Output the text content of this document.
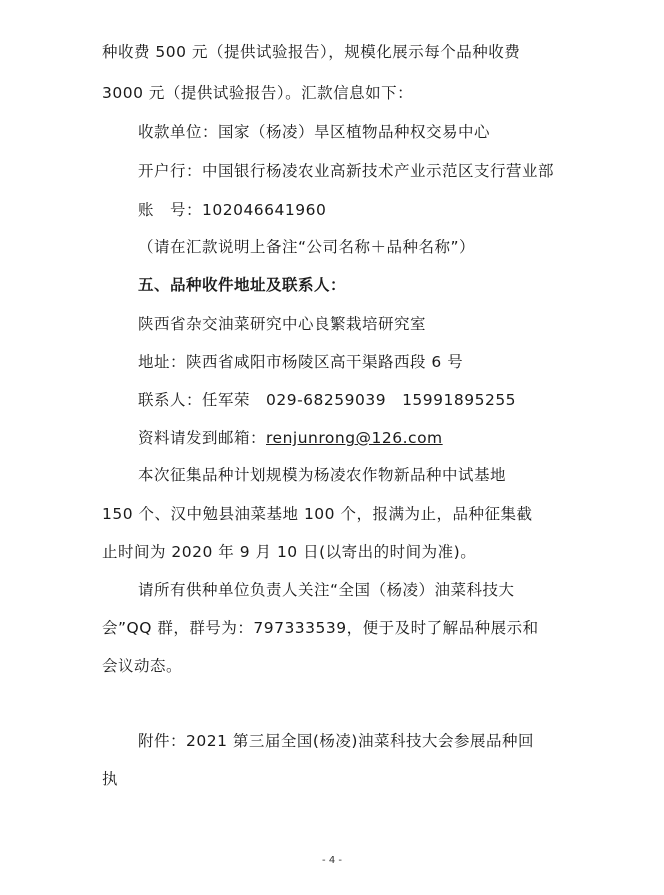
种收费 500 元（提供试验报告），规模化展示每个品种收费
3000 元（提供试验报告）。汇款信息如下：
收款单位：国家（杨凌）旱区植物品种权交易中心
开户行：中国银行杨凌农业高新技术产业示范区支行营业部
账　号：102046641960
（请在汇款说明上备注“公司名称＋品种名称”）
五、品种收件地址及联系人：
陕西省杂交油菜研究中心良繁栽培研究室
地址：陕西省咸阳市杨陵区高干渠路西段 6 号
联系人：任军荣　029-68259039　15991895255
资料请发到邮箱：renjunrong@126.com
本次征集品种计划规模为杨凌农作物新品种中试基地
150 个、汉中勉县油菜基地 100 个，报满为止，品种征集截
止时间为 2020 年 9 月 10 日(以寄出的时间为准)。
请所有供种单位负责人关注“全国（杨凌）油菜科技大
会”QQ 群，群号为：797333539，便于及时了解品种展示和
会议动态。
附件：2021 第三届全国(杨凌)油菜科技大会参展品种回
执
- 4 -
